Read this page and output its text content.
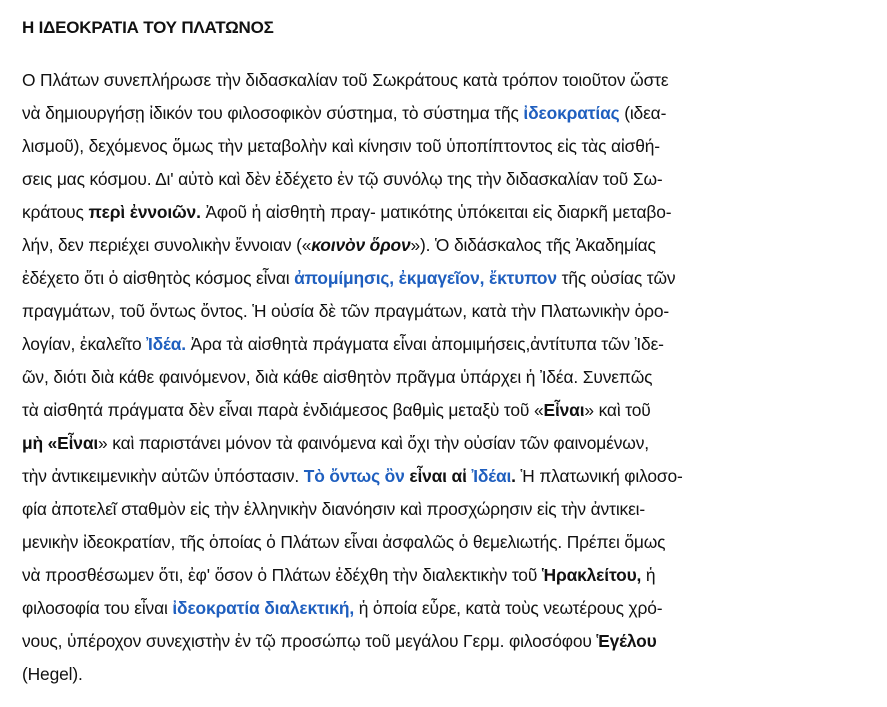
Η ΙΔΕΟΚΡΑΤΙΑ ΤΟΥ ΠΛΑΤΩΝΟΣ
Ο Πλάτων συνεπλήρωσε τὴν διδασκαλίαν τοῦ Σωκράτους κατὰ τρόπον τοιοῦτον ὥστε
νὰ δημιουργήσῃ ἰδικόν του φιλοσοφικὸν σύστημα, τὸ σύστημα τῆς ἰδεοκρατίας (ιδεα-
λισμοῦ), δεχόμενος ὅμως τὴν μεταβολὴν καὶ κίνησιν τοῦ ὑποπίπτοντος εἰς τὰς αἰσθή-
σεις μας κόσμου. Δι' αὐτὸ καὶ δὲν ἐδέχετο ἐν τῷ συνόλῳ της τὴν διδασκαλίαν τοῦ Σω-
κράτους περὶ ἐννοιῶν. Ἀφοῦ ἡ αἰσθητὴ πραγ- ματικότης ὑπόκειται εἰς διαρκῆ μεταβο-
λήν, δεν περιέχει συνολικὴν ἔννοιαν («κοινὸν ὅρον»). Ὁ διδάσκαλος τῆς Ἀκαδημίας
ἐδέχετο ὅτι ὁ αἰσθητὸς κόσμος εἶναι ἀπομίμησις, ἐκμαγεῖον, ἔκτυπον τῆς οὐσίας τῶν
πραγμάτων, τοῦ ὄντως ὄντος. Ἡ οὐσία δὲ τῶν πραγμάτων, κατὰ τὴν Πλατωνικὴν ὁρο-
λογίαν, ἐκαλεῖτο Ἰδέα. Ἀρα τὰ αἰσθητὰ πράγματα εἶναι ἀπομιμήσεις,ἀντίτυπα τῶν Ἰδε-
ῶν, διότι διὰ κάθε φαινόμενον, διὰ κάθε αἰσθητὸν πρᾶγμα ὑπάρχει ἡ Ἰδέα. Συνεπῶς
τὰ αἰσθητά πράγματα δὲν εἶναι παρὰ ἐνδιάμεσος βαθμὶς μεταξὺ τοῦ «Εἶναι» καὶ τοῦ
μὴ «Εἶναι» καὶ παριστάνει μόνον τὰ φαινόμενα καὶ ὄχι τὴν οὐσίαν τῶν φαινομένων,
τὴν ἀντικειμενικὴν αὐτῶν ὑπόστασιν. Τὸ ὄντως ὂν εἶναι αἱ Ἰδέαι. Ἡ πλατωνική φιλοσο-
φία ἀποτελεῖ σταθμὸν εἰς τὴν ἑλληνικὴν διανόησιν καὶ προσχώρησιν εἰς τὴν ἀντικει-
μενικὴν ἰδεοκρατίαν, τῆς ὁποίας ὁ Πλάτων εἶναι ἀσφαλῶς ὁ θεμελιωτής. Πρέπει ὅμως
νὰ προσθέσωμεν ὅτι, ἐφ' ὅσον ὁ Πλάτων ἐδέχθη τὴν διαλεκτικὴν τοῦ Ἡρακλείτου, ἡ
φιλοσοφία του εἶναι ἰδεοκρατία διαλεκτική, ἡ ὁποία εὗρε, κατὰ τοὺς νεωτέρους χρό-
νους, ὑπέροχον συνεχιστὴν ἐν τῷ προσώπῳ τοῦ μεγάλου Γερμ. φιλοσόφου Ἑγέλου
(Hegel).
